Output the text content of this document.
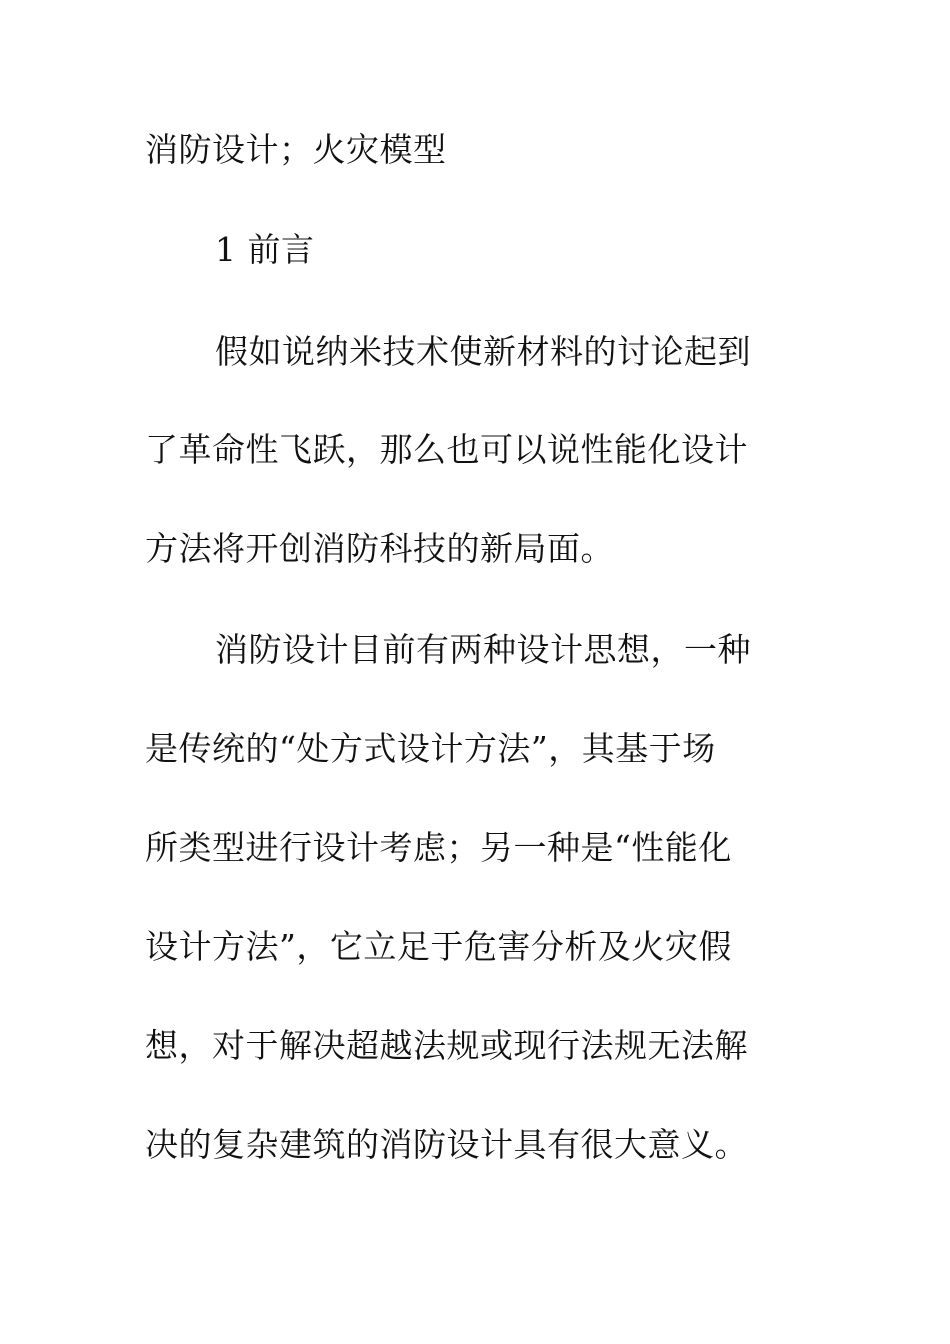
消防设计；火灾模型
1 前言
假如说纳米技术使新材料的讨论起到
了革命性飞跃，那么也可以说性能化设计
方法将开创消防科技的新局面。
消防设计目前有两种设计思想，一种
是传统的“处方式设计方法”，其基于场
所类型进行设计考虑；另一种是“性能化
设计方法”，它立足于危害分析及火灾假
想，对于解决超越法规或现行法规无法解
决的复杂建筑的消防设计具有很大意义。
